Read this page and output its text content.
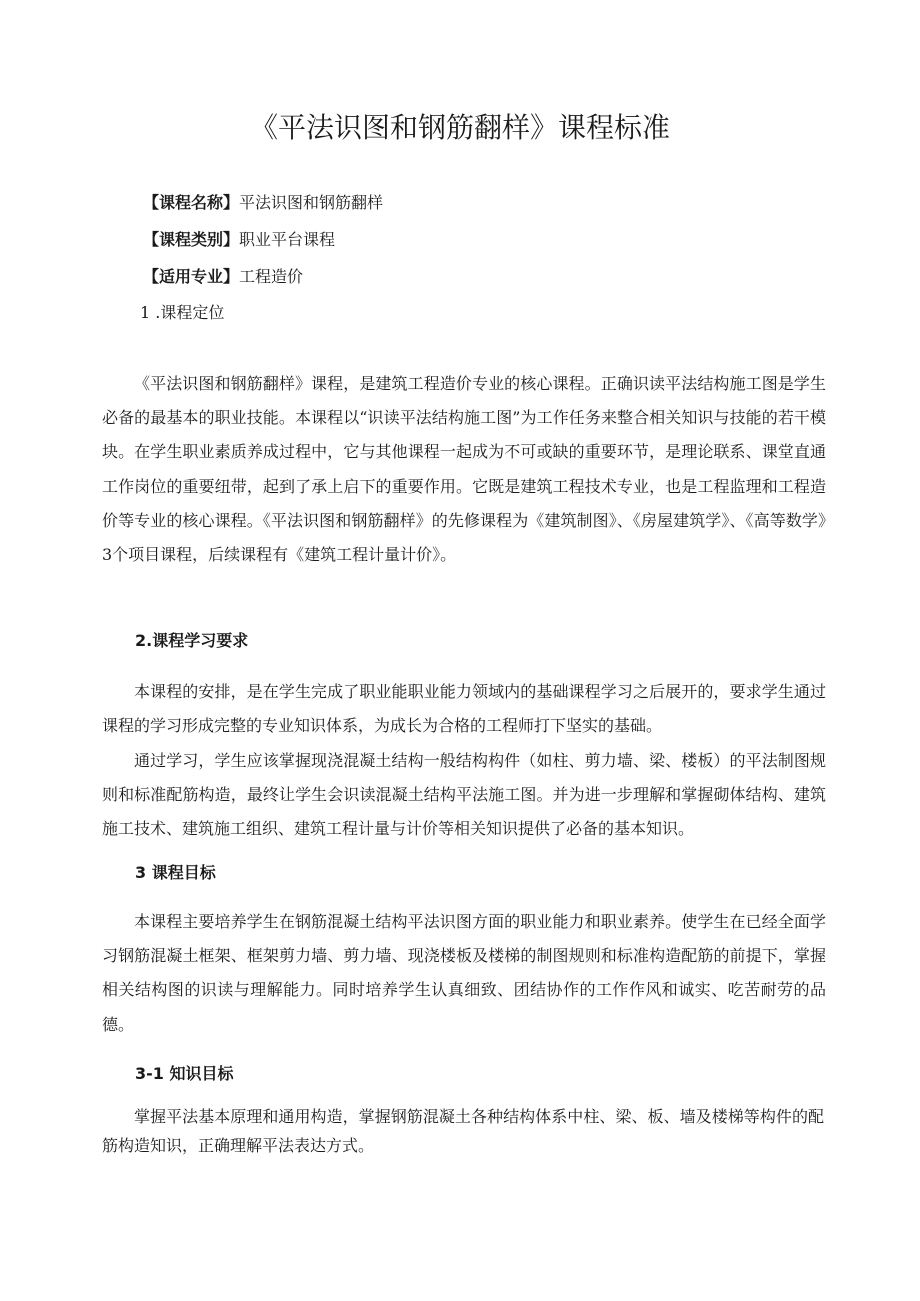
《平法识图和钢筋翻样》课程标准
【课程名称】平法识图和钢筋翻样
【课程类别】职业平台课程
【适用专业】工程造价
1 .课程定位
《平法识图和钢筋翻样》课程，是建筑工程造价专业的核心课程。正确识读平法结构施工图是学生必备的最基本的职业技能。本课程以“识读平法结构施工图”为工作任务来整合相关知识与技能的若干模块。在学生职业素质养成过程中，它与其他课程一起成为不可或缺的重要环节，是理论联系、课堂直通工作岗位的重要纽带，起到了承上启下的重要作用。它既是建筑工程技术专业，也是工程监理和工程造价等专业的核心课程。《平法识图和钢筋翻样》的先修课程为《建筑制图》、《房屋建筑学》、《高等数学》3个项目课程，后续课程有《建筑工程计量计价》。
2.课程学习要求
本课程的安排，是在学生完成了职业能职业能力领域内的基础课程学习之后展开的，要求学生通过课程的学习形成完整的专业知识体系，为成长为合格的工程师打下坚实的基础。
通过学习，学生应该掌握现浇混凝土结构一般结构构件（如柱、剪力墙、梁、楼板）的平法制图规则和标准配筋构造，最终让学生会识读混凝土结构平法施工图。并为进一步理解和掌握砌体结构、建筑施工技术、建筑施工组织、建筑工程计量与计价等相关知识提供了必备的基本知识。
3 课程目标
本课程主要培养学生在钢筋混凝土结构平法识图方面的职业能力和职业素养。使学生在已经全面学习钢筋混凝土框架、框架剪力墙、剪力墙、现浇楼板及楼梯的制图规则和标准构造配筋的前提下，掌握相关结构图的识读与理解能力。同时培养学生认真细致、团结协作的工作作风和诚实、吃苦耐劳的品德。
3-1 知识目标
掌握平法基本原理和通用构造，掌握钢筋混凝土各种结构体系中柱、梁、板、墙及楼梯等构件的配筋构造知识，正确理解平法表达方式。
